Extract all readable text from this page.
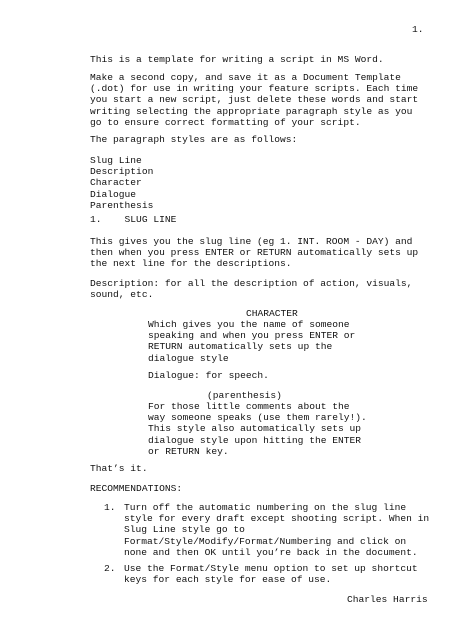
1.
This is a template for writing a script in MS Word.
Make a second copy, and save it as a Document Template
(.dot) for use in writing your feature scripts. Each time
you start a new script, just delete these words and start
writing selecting the appropriate paragraph style as you
go to ensure correct formatting of your script.
The paragraph styles are as follows:
Slug Line
Description
Character
Dialogue
Parenthesis
1.    SLUG LINE
This gives you the slug line (eg 1. INT. ROOM - DAY) and
then when you press ENTER or RETURN automatically sets up
the next line for the descriptions.
Description: for all the description of action, visuals,
sound, etc.
CHARACTER
Which gives you the name of someone
speaking and when you press ENTER or
RETURN automatically sets up the
dialogue style
Dialogue: for speech.
(parenthesis)
For those little comments about the
way someone speaks (use them rarely!).
This style also automatically sets up
dialogue style upon hitting the ENTER
or RETURN key.
That’s it.
RECOMMENDATIONS:
1. Turn off the automatic numbering on the slug line
style for every draft except shooting script. When in
Slug Line style go to
Format/Style/Modify/Format/Numbering and click on
none and then OK until you’re back in the document.
2. Use the Format/Style menu option to set up shortcut
keys for each style for ease of use.
Charles Harris
